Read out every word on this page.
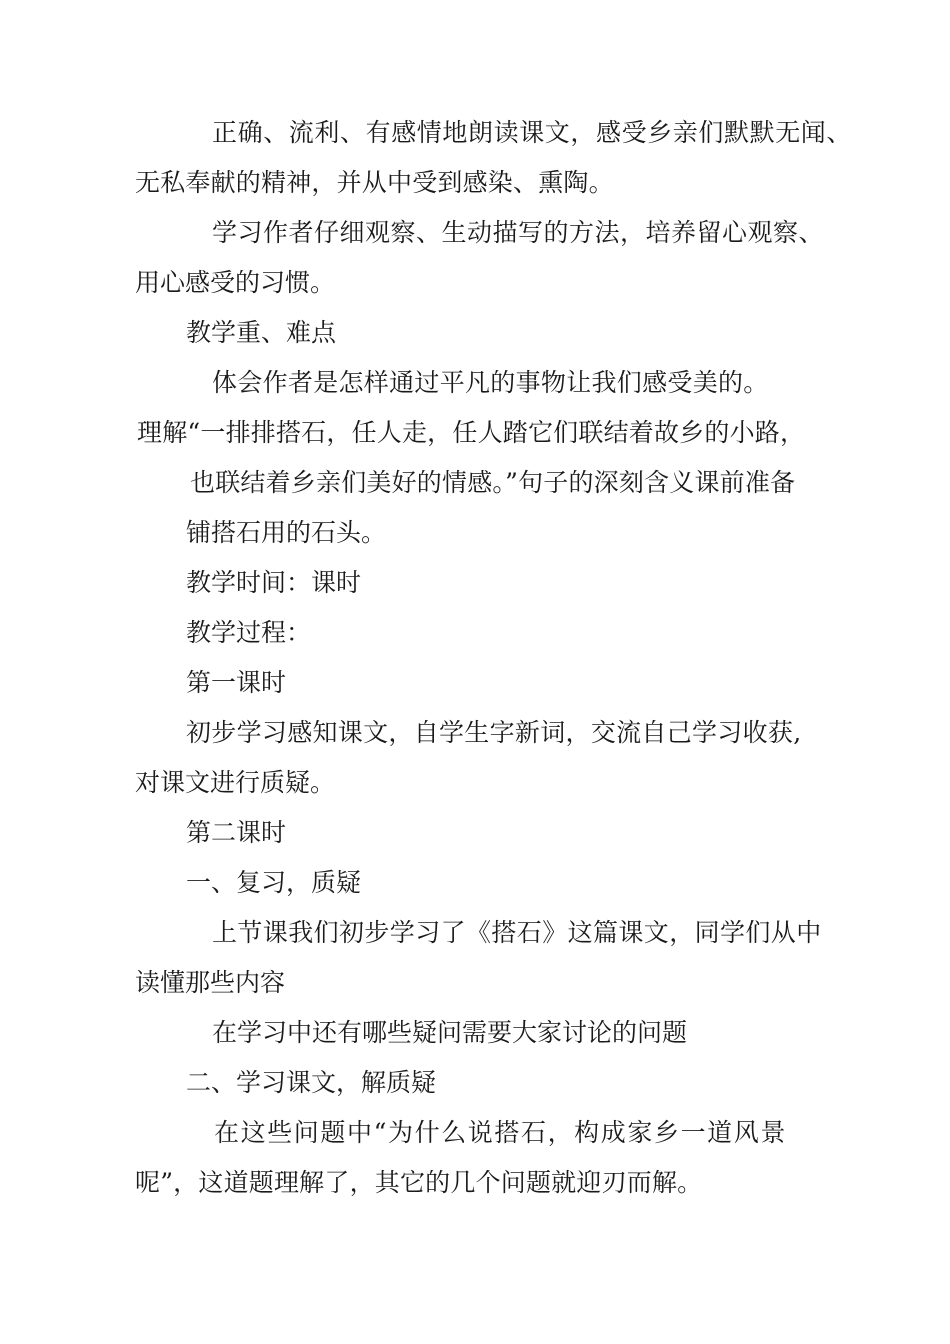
正确、流利、有感情地朗读课文，感受乡亲们默默无闻、

无私奉献的精神，并从中受到感染、熏陶。

学习作者仔细观察、生动描写的方法，培养留心观察、

用心感受的习惯。

教学重、难点

体会作者是怎样通过平凡的事物让我们感受美的。

理解“一排排搭石，任人走，任人踏它们联结着故乡的小路，

也联结着乡亲们美好的情感。”句子的深刻含义课前准备

铺搭石用的石头。

教学时间：课时

教学过程：

第一课时

初步学习感知课文，自学生字新词，交流自己学习收获,

对课文进行质疑。

第二课时

一、复习，质疑

上节课我们初步学习了《搭石》这篇课文，同学们从中

读懂那些内容

在学习中还有哪些疑问需要大家讨论的问题

二、学习课文，解质疑

在这些问题中“为什么说搭石，构成家乡一道风景

呢”，这道题理解了，其它的几个问题就迎刃而解。
